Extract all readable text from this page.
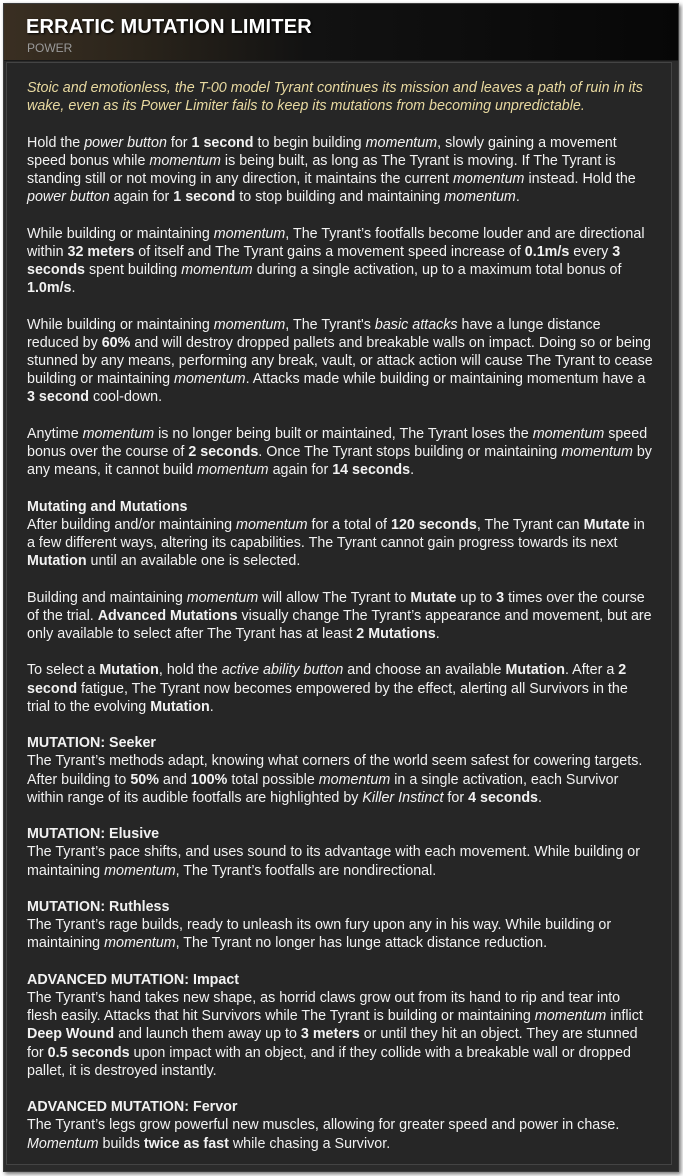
ERRATIC MUTATION LIMITER
POWER

Stoic and emotionless, the T-00 model Tyrant continues its mission and leaves a path of ruin in its wake, even as its Power Limiter fails to keep its mutations from becoming unpredictable.

Hold the power button for 1 second to begin building momentum, slowly gaining a movement speed bonus while momentum is being built, as long as The Tyrant is moving. If The Tyrant is standing still or not moving in any direction, it maintains the current momentum instead. Hold the power button again for 1 second to stop building and maintaining momentum.

While building or maintaining momentum, The Tyrant’s footfalls become louder and are directional within 32 meters of itself and The Tyrant gains a movement speed increase of 0.1m/s every 3 seconds spent building momentum during a single activation, up to a maximum total bonus of 1.0m/s.

While building or maintaining momentum, The Tyrant's basic attacks have a lunge distance reduced by 60% and will destroy dropped pallets and breakable walls on impact. Doing so or being stunned by any means, performing any break, vault, or attack action will cause The Tyrant to cease building or maintaining momentum. Attacks made while building or maintaining momentum have a 3 second cool-down.

Anytime momentum is no longer being built or maintained, The Tyrant loses the momentum speed bonus over the course of 2 seconds. Once The Tyrant stops building or maintaining momentum by any means, it cannot build momentum again for 14 seconds.

Mutating and Mutations
After building and/or maintaining momentum for a total of 120 seconds, The Tyrant can Mutate in a few different ways, altering its capabilities. The Tyrant cannot gain progress towards its next Mutation until an available one is selected.

Building and maintaining momentum will allow The Tyrant to Mutate up to 3 times over the course of the trial. Advanced Mutations visually change The Tyrant’s appearance and movement, but are only available to select after The Tyrant has at least 2 Mutations.

To select a Mutation, hold the active ability button and choose an available Mutation. After a 2 second fatigue, The Tyrant now becomes empowered by the effect, alerting all Survivors in the trial to the evolving Mutation.

MUTATION: Seeker
The Tyrant’s methods adapt, knowing what corners of the world seem safest for cowering targets. After building to 50% and 100% total possible momentum in a single activation, each Survivor within range of its audible footfalls are highlighted by Killer Instinct for 4 seconds.

MUTATION: Elusive
The Tyrant’s pace shifts, and uses sound to its advantage with each movement. While building or maintaining momentum, The Tyrant’s footfalls are nondirectional.

MUTATION: Ruthless
The Tyrant’s rage builds, ready to unleash its own fury upon any in his way. While building or maintaining momentum, The Tyrant no longer has lunge attack distance reduction.

ADVANCED MUTATION: Impact
The Tyrant’s hand takes new shape, as horrid claws grow out from its hand to rip and tear into flesh easily. Attacks that hit Survivors while The Tyrant is building or maintaining momentum inflict Deep Wound and launch them away up to 3 meters or until they hit an object. They are stunned for 0.5 seconds upon impact with an object, and if they collide with a breakable wall or dropped pallet, it is destroyed instantly.

ADVANCED MUTATION: Fervor
The Tyrant’s legs grow powerful new muscles, allowing for greater speed and power in chase. Momentum builds twice as fast while chasing a Survivor.
